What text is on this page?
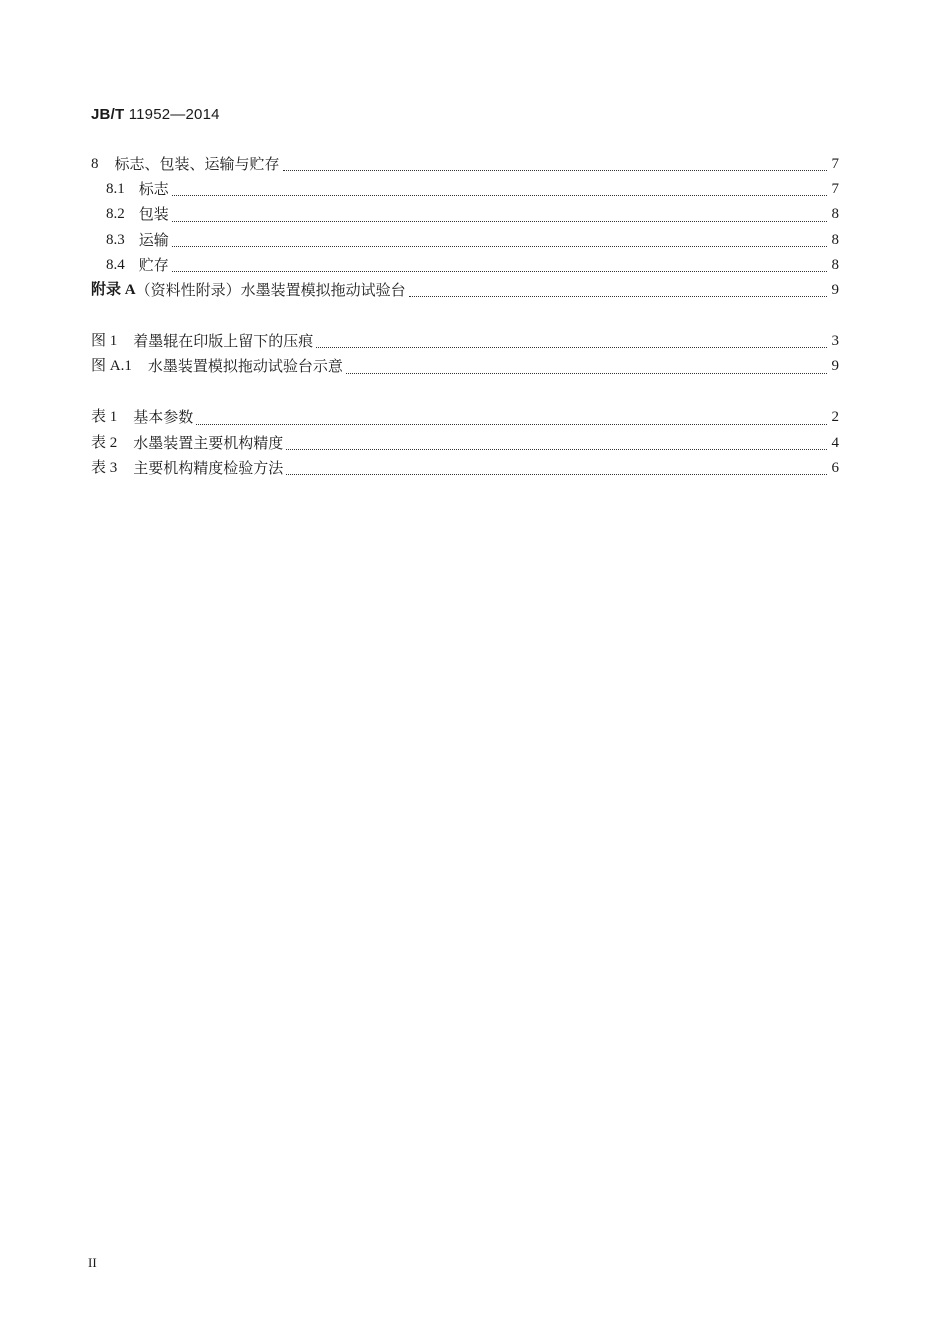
JB/T 11952—2014
8 标志、包装、运输与贮存	7
8.1 标志	7
8.2 包装	8
8.3 运输	8
8.4 贮存	8
附录 A （资料性附录）水墨装置模拟拖动试验台	9
图 1 着墨辊在印版上留下的压痕	3
图 A.1 水墨装置模拟拖动试验台示意	9
表 1 基本参数	2
表 2 水墨装置主要机构精度	4
表 3 主要机构精度检验方法	6
II
